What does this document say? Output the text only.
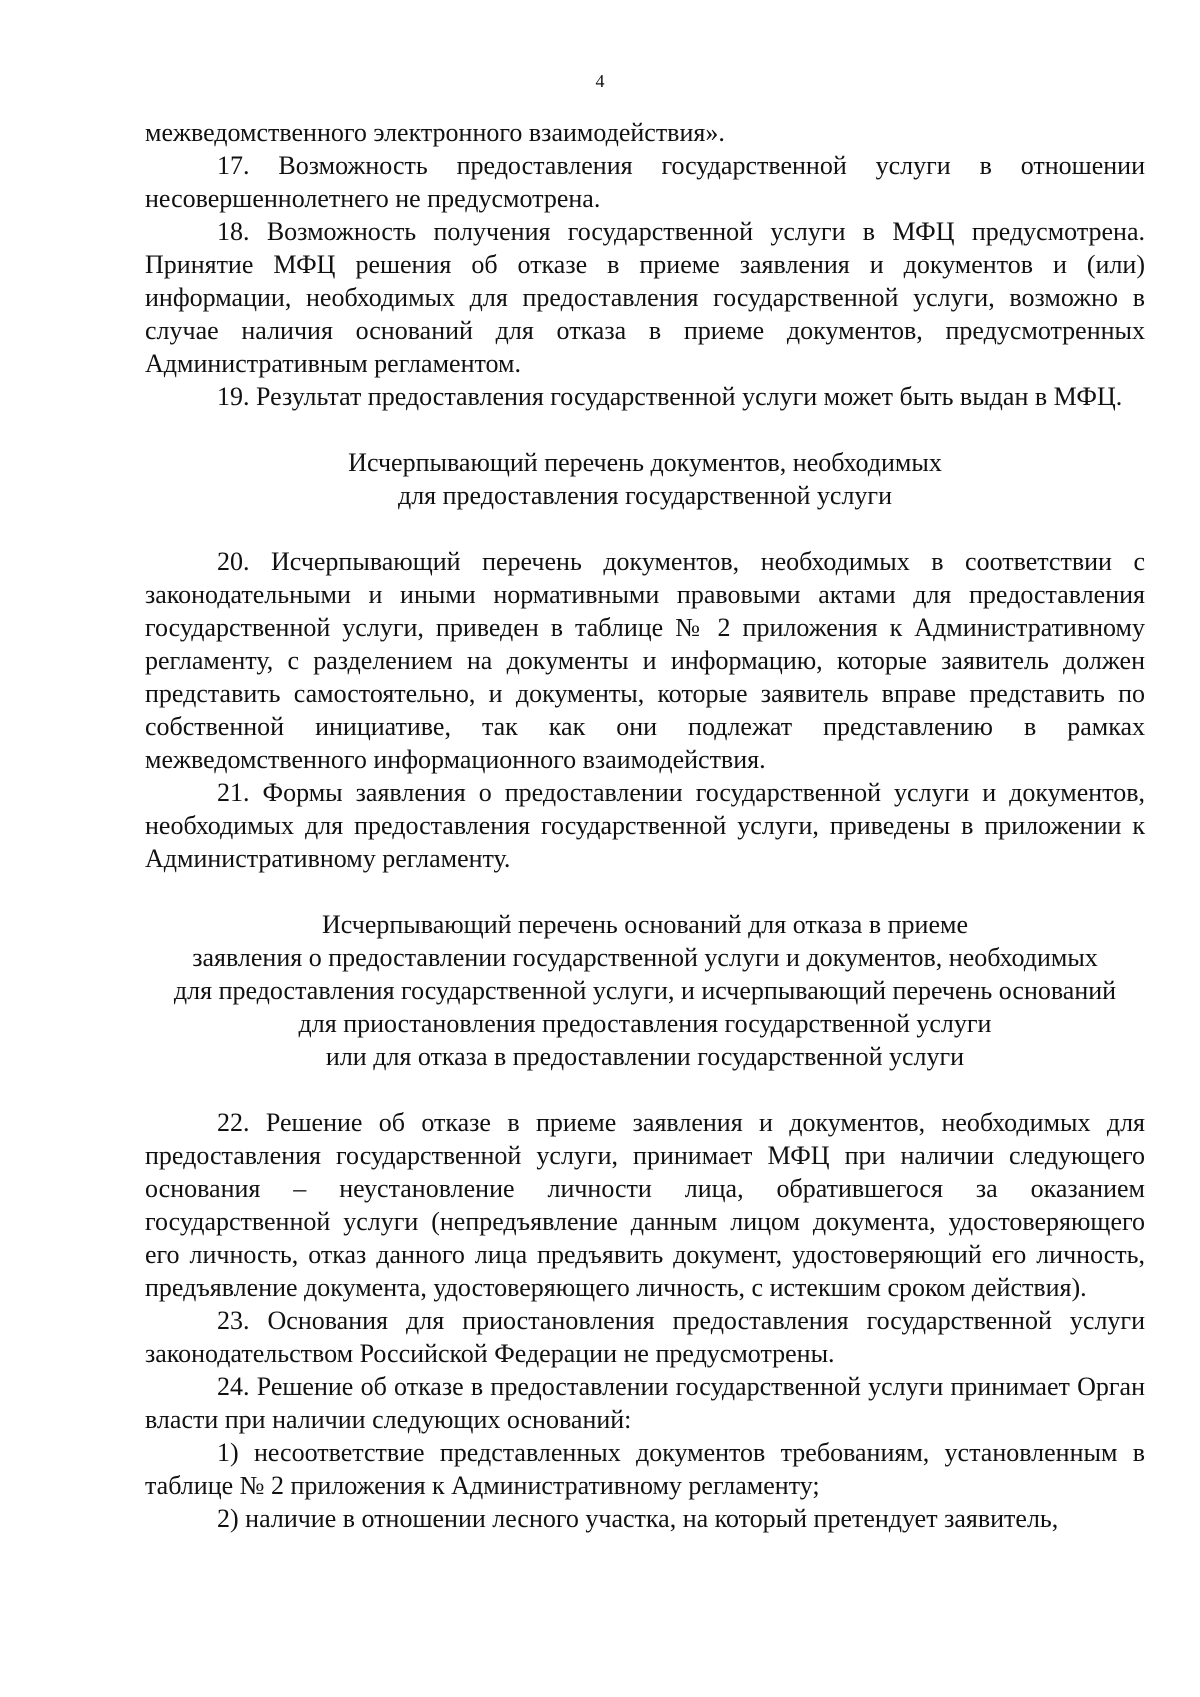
4

межведомственного электронного взаимодействия».

17. Возможность предоставления государственной услуги в отношении несовершеннолетнего не предусмотрена.

18. Возможность получения государственной услуги в МФЦ предусмотрена. Принятие МФЦ решения об отказе в приеме заявления и документов и (или) информации, необходимых для предоставления государственной услуги, возможно в случае наличия оснований для отказа в приеме документов, предусмотренных Административным регламентом.

19. Результат предоставления государственной услуги может быть выдан в МФЦ.

Исчерпывающий перечень документов, необходимых
для предоставления государственной услуги

20. Исчерпывающий перечень документов, необходимых в соответствии с законодательными и иными нормативными правовыми актами для предоставления государственной услуги, приведен в таблице № 2 приложения к Административному регламенту, с разделением на документы и информацию, которые заявитель должен представить самостоятельно, и документы, которые заявитель вправе представить по собственной инициативе, так как они подлежат представлению в рамках межведомственного информационного взаимодействия.

21. Формы заявления о предоставлении государственной услуги и документов, необходимых для предоставления государственной услуги, приведены в приложении к Административному регламенту.

Исчерпывающий перечень оснований для отказа в приеме
заявления о предоставлении государственной услуги и документов, необходимых
для предоставления государственной услуги, и исчерпывающий перечень оснований
для приостановления предоставления государственной услуги
или для отказа в предоставлении государственной услуги

22. Решение об отказе в приеме заявления и документов, необходимых для предоставления государственной услуги, принимает МФЦ при наличии следующего основания – неустановление личности лица, обратившегося за оказанием государственной услуги (непредъявление данным лицом документа, удостоверяющего его личность, отказ данного лица предъявить документ, удостоверяющий его личность, предъявление документа, удостоверяющего личность, с истекшим сроком действия).

23. Основания для приостановления предоставления государственной услуги законодательством Российской Федерации не предусмотрены.

24. Решение об отказе в предоставлении государственной услуги принимает Орган власти при наличии следующих оснований:

1) несоответствие представленных документов требованиям, установленным в таблице № 2 приложения к Административному регламенту;

2) наличие в отношении лесного участка, на который претендует заявитель,
